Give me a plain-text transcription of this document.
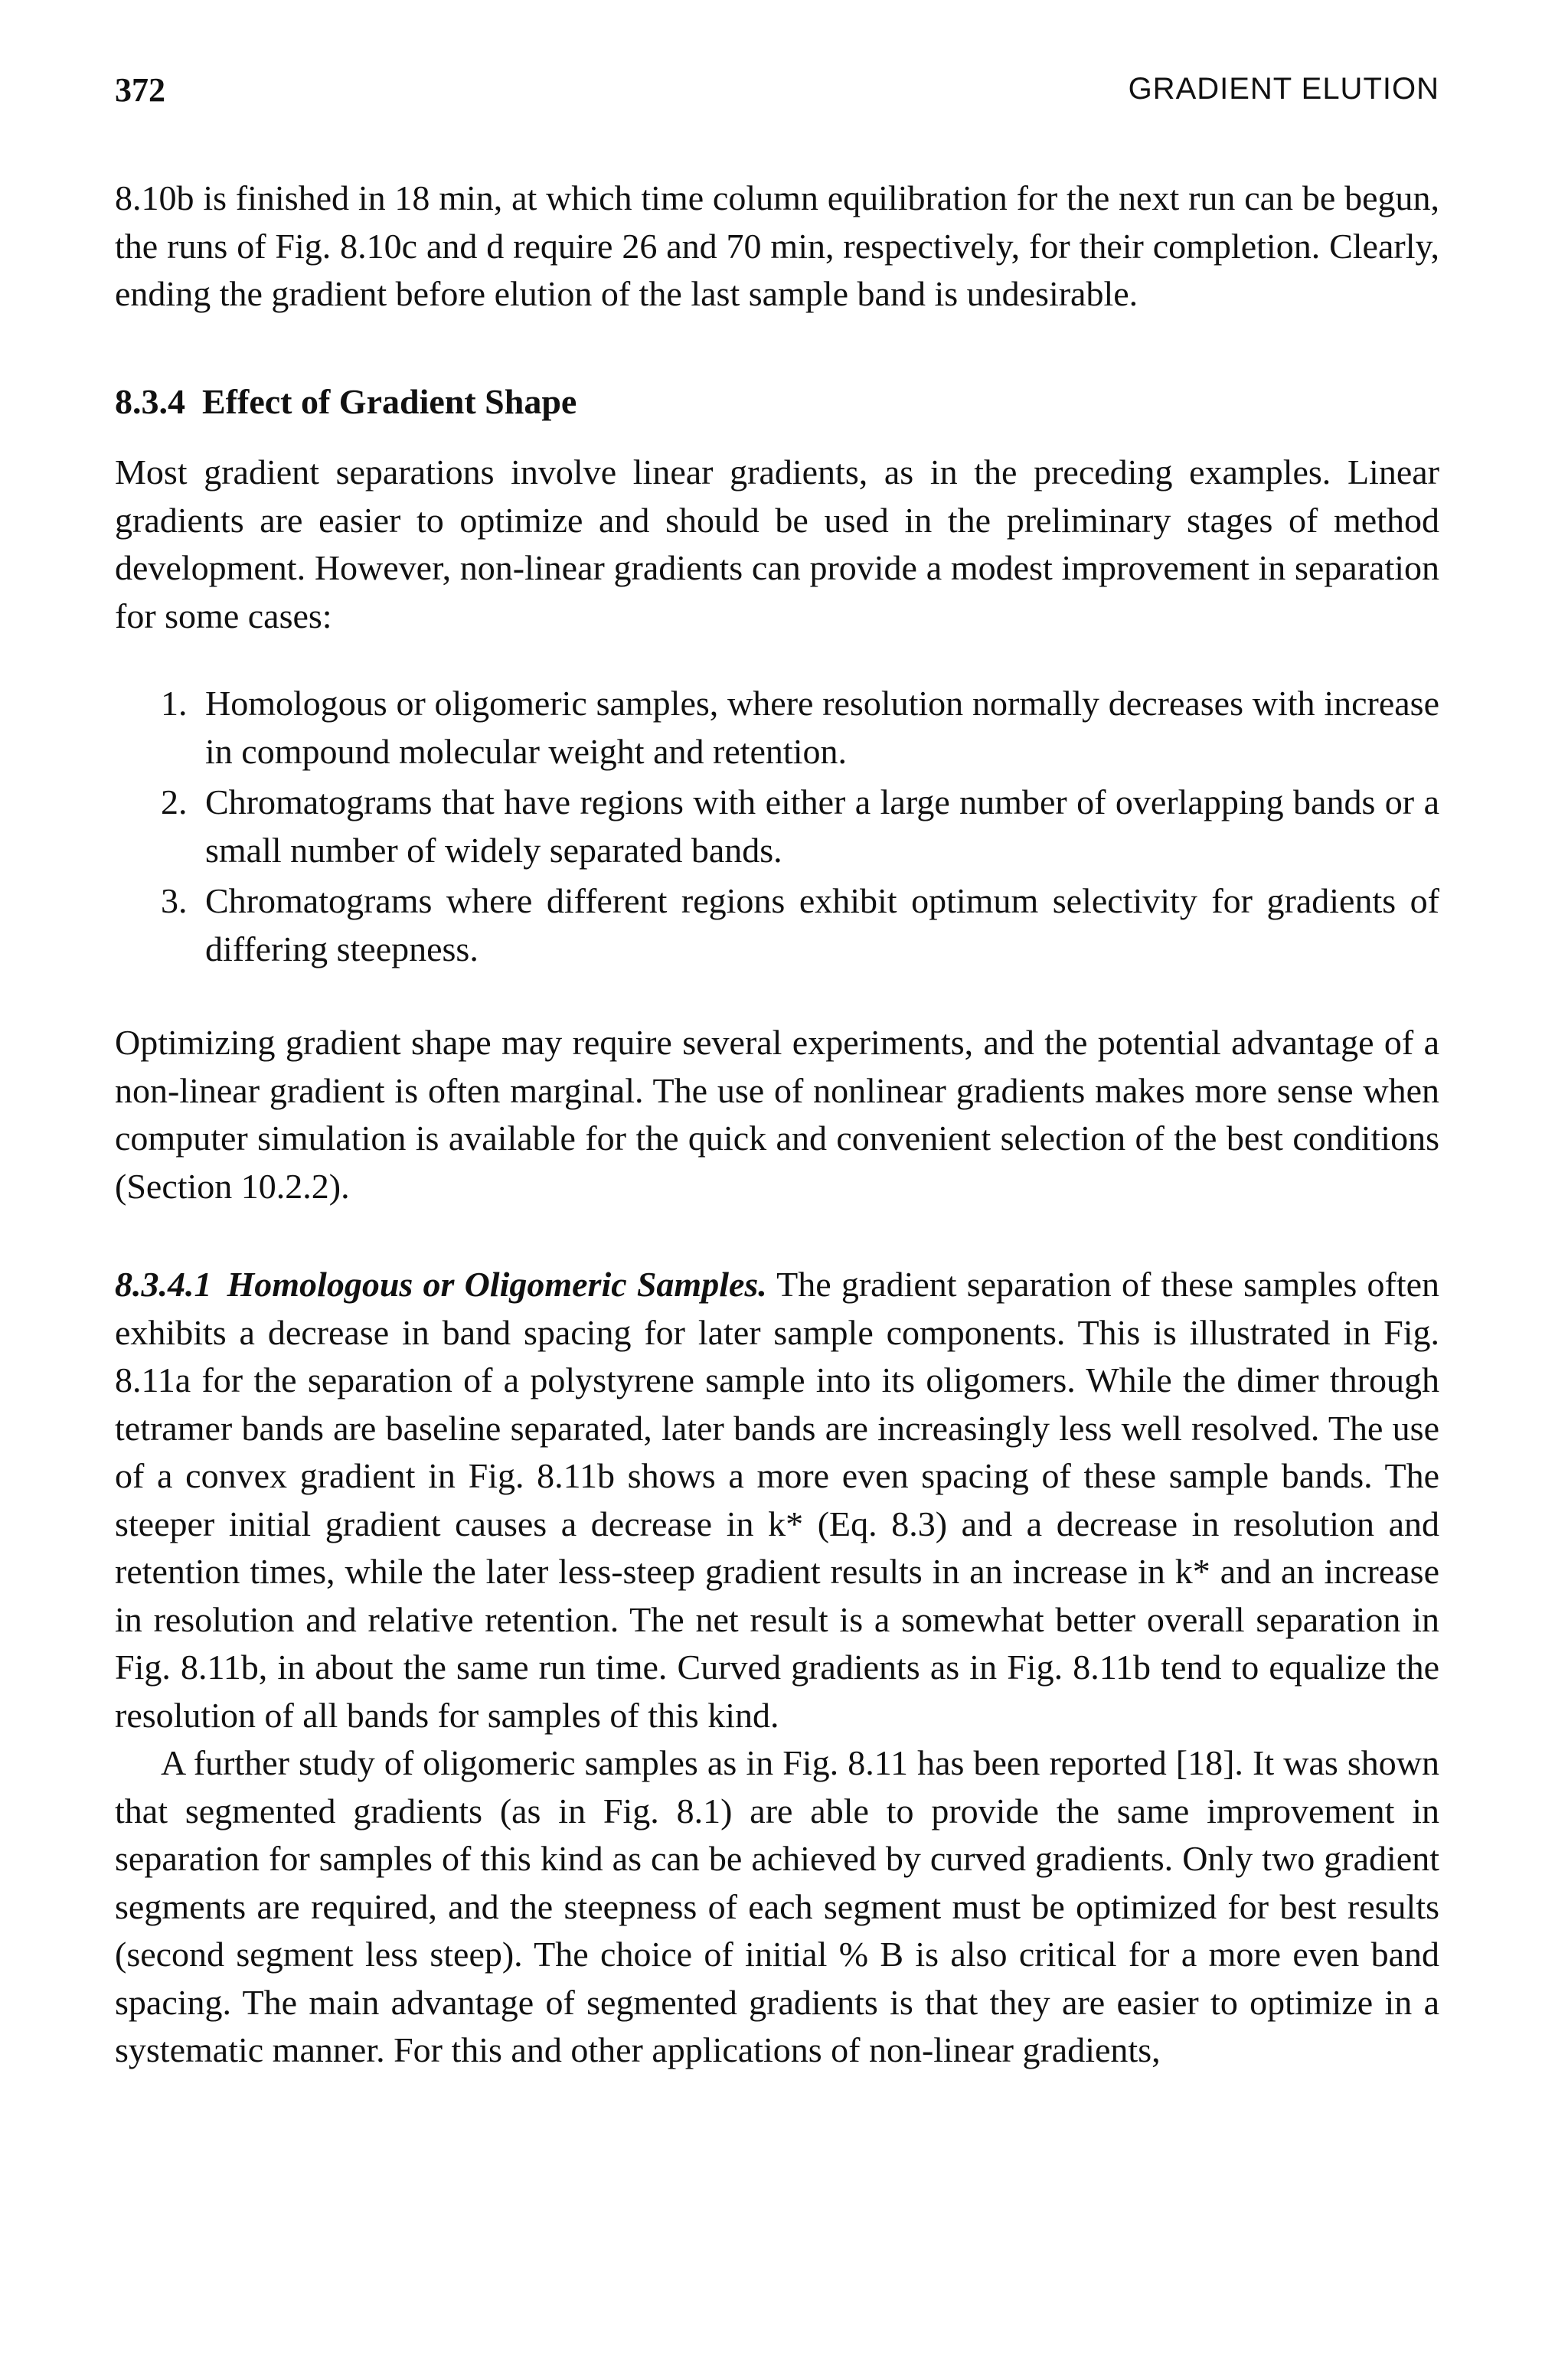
372	GRADIENT ELUTION

8.10b is finished in 18 min, at which time column equilibration for the next run can be begun, the runs of Fig. 8.10c and d require 26 and 70 min, respectively, for their completion. Clearly, ending the gradient before elution of the last sample band is undesirable.

8.3.4 Effect of Gradient Shape

Most gradient separations involve linear gradients, as in the preceding examples. Linear gradients are easier to optimize and should be used in the preliminary stages of method development. However, non-linear gradients can provide a modest improvement in separation for some cases:

1. Homologous or oligomeric samples, where resolution normally decreases with increase in compound molecular weight and retention.
2. Chromatograms that have regions with either a large number of overlapping bands or a small number of widely separated bands.
3. Chromatograms where different regions exhibit optimum selectivity for gradients of differing steepness.

Optimizing gradient shape may require several experiments, and the potential advantage of a non-linear gradient is often marginal. The use of nonlinear gradients makes more sense when computer simulation is available for the quick and convenient selection of the best conditions (Section 10.2.2).

8.3.4.1 Homologous or Oligomeric Samples. The gradient separation of these samples often exhibits a decrease in band spacing for later sample components. This is illustrated in Fig. 8.11a for the separation of a polystyrene sample into its oligomers. While the dimer through tetramer bands are baseline separated, later bands are increasingly less well resolved. The use of a convex gradient in Fig. 8.11b shows a more even spacing of these sample bands. The steeper initial gradient causes a decrease in k* (Eq. 8.3) and a decrease in resolution and retention times, while the later less-steep gradient results in an increase in k* and an increase in resolution and relative retention. The net result is a somewhat better overall separation in Fig. 8.11b, in about the same run time. Curved gradients as in Fig. 8.11b tend to equalize the resolution of all bands for samples of this kind.

A further study of oligomeric samples as in Fig. 8.11 has been reported [18]. It was shown that segmented gradients (as in Fig. 8.1) are able to provide the same improvement in separation for samples of this kind as can be achieved by curved gradients. Only two gradient segments are required, and the steepness of each segment must be optimized for best results (second segment less steep). The choice of initial % B is also critical for a more even band spacing. The main advantage of segmented gradients is that they are easier to optimize in a systematic manner. For this and other applications of non-linear gradients,
